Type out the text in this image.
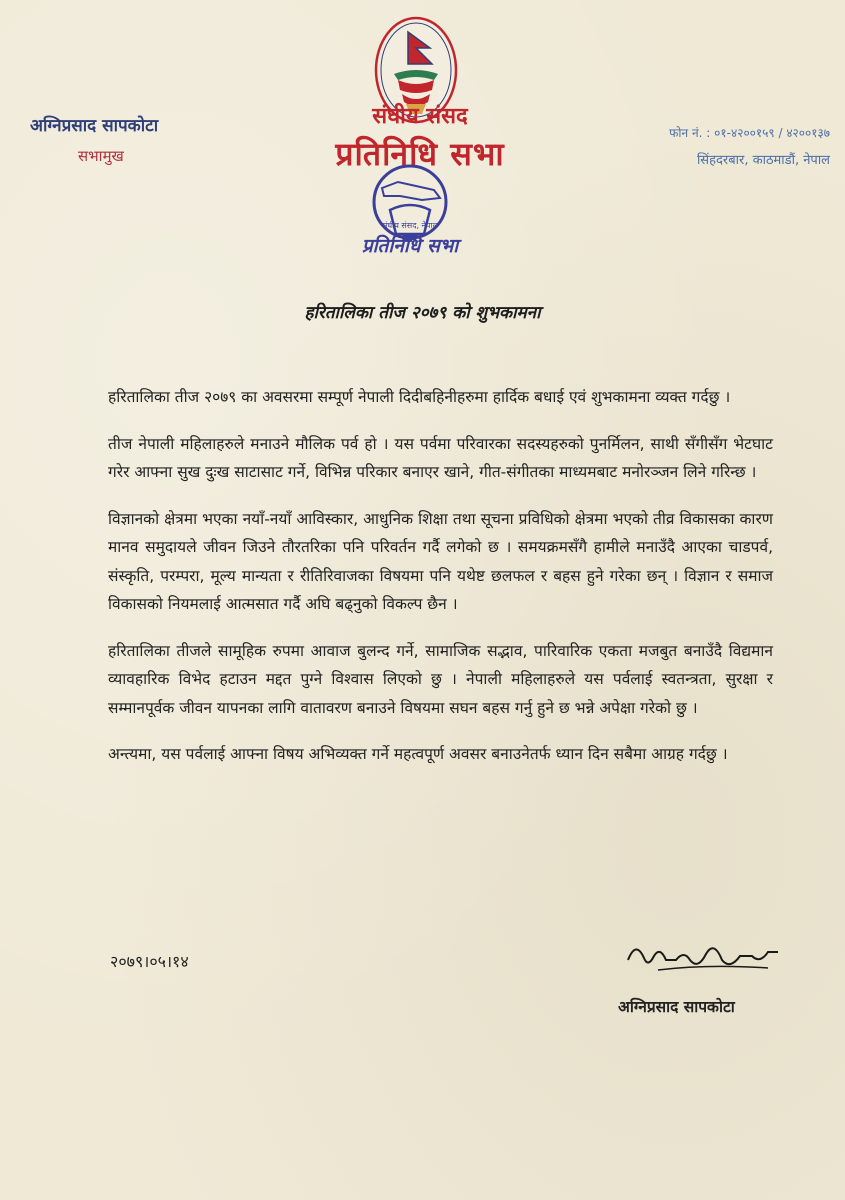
अग्निप्रसाद सापकोटा
सभामुख
संघीय संसद
प्रतिनिधि सभा
फोन नं. : ०१-४२००१५९ / ४२००१३७
सिंहदरबार, काठमाडौं, नेपाल
संघीय संसद, नेपाल
प्रतिनिधि सभा
हरितालिका तीज २०७९ को शुभकामना

हरितालिका तीज २०७९ का अवसरमा सम्पूर्ण नेपाली दिदीबहिनीहरुमा हार्दिक बधाई एवं शुभकामना व्यक्त गर्दछु ।

तीज नेपाली महिलाहरुले मनाउने मौलिक पर्व हो । यस पर्वमा परिवारका सदस्यहरुको पुनर्मिलन, साथी सँगीसँग भेटघाट गरेर आफ्ना सुख दुःख साटासाट गर्ने, विभिन्न परिकार बनाएर खाने, गीत-संगीतका माध्यमबाट मनोरञ्जन लिने गरिन्छ ।

विज्ञानको क्षेत्रमा भएका नयाँ-नयाँ आविस्कार, आधुनिक शिक्षा तथा सूचना प्रविधिको क्षेत्रमा भएको तीव्र विकासका कारण मानव समुदायले जीवन जिउने तौरतरिका पनि परिवर्तन गर्दै लगेको छ । समयक्रमसँगै हामीले मनाउँदै आएका चाडपर्व, संस्कृति, परम्परा, मूल्य मान्यता र रीतिरिवाजका विषयमा पनि यथेष्ट छलफल र बहस हुने गरेका छन् । विज्ञान र समाज विकासको नियमलाई आत्मसात गर्दै अघि बढ्नुको विकल्प छैन ।

हरितालिका तीजले सामूहिक रुपमा आवाज बुलन्द गर्ने, सामाजिक सद्भाव, पारिवारिक एकता मजबुत बनाउँदै विद्यमान व्यावहारिक विभेद हटाउन मद्दत पुग्ने विश्वास लिएको छु । नेपाली महिलाहरुले यस पर्वलाई स्वतन्त्रता, सुरक्षा र सम्मानपूर्वक जीवन यापनका लागि वातावरण बनाउने विषयमा सघन बहस गर्नु हुने छ भन्ने अपेक्षा गरेको छु ।

अन्त्यमा, यस पर्वलाई आफ्ना विषय अभिव्यक्त गर्ने महत्वपूर्ण अवसर बनाउनेतर्फ ध्यान दिन सबैमा आग्रह गर्दछु ।

२०७९।०५।१४
अग्निप्रसाद सापकोटा
